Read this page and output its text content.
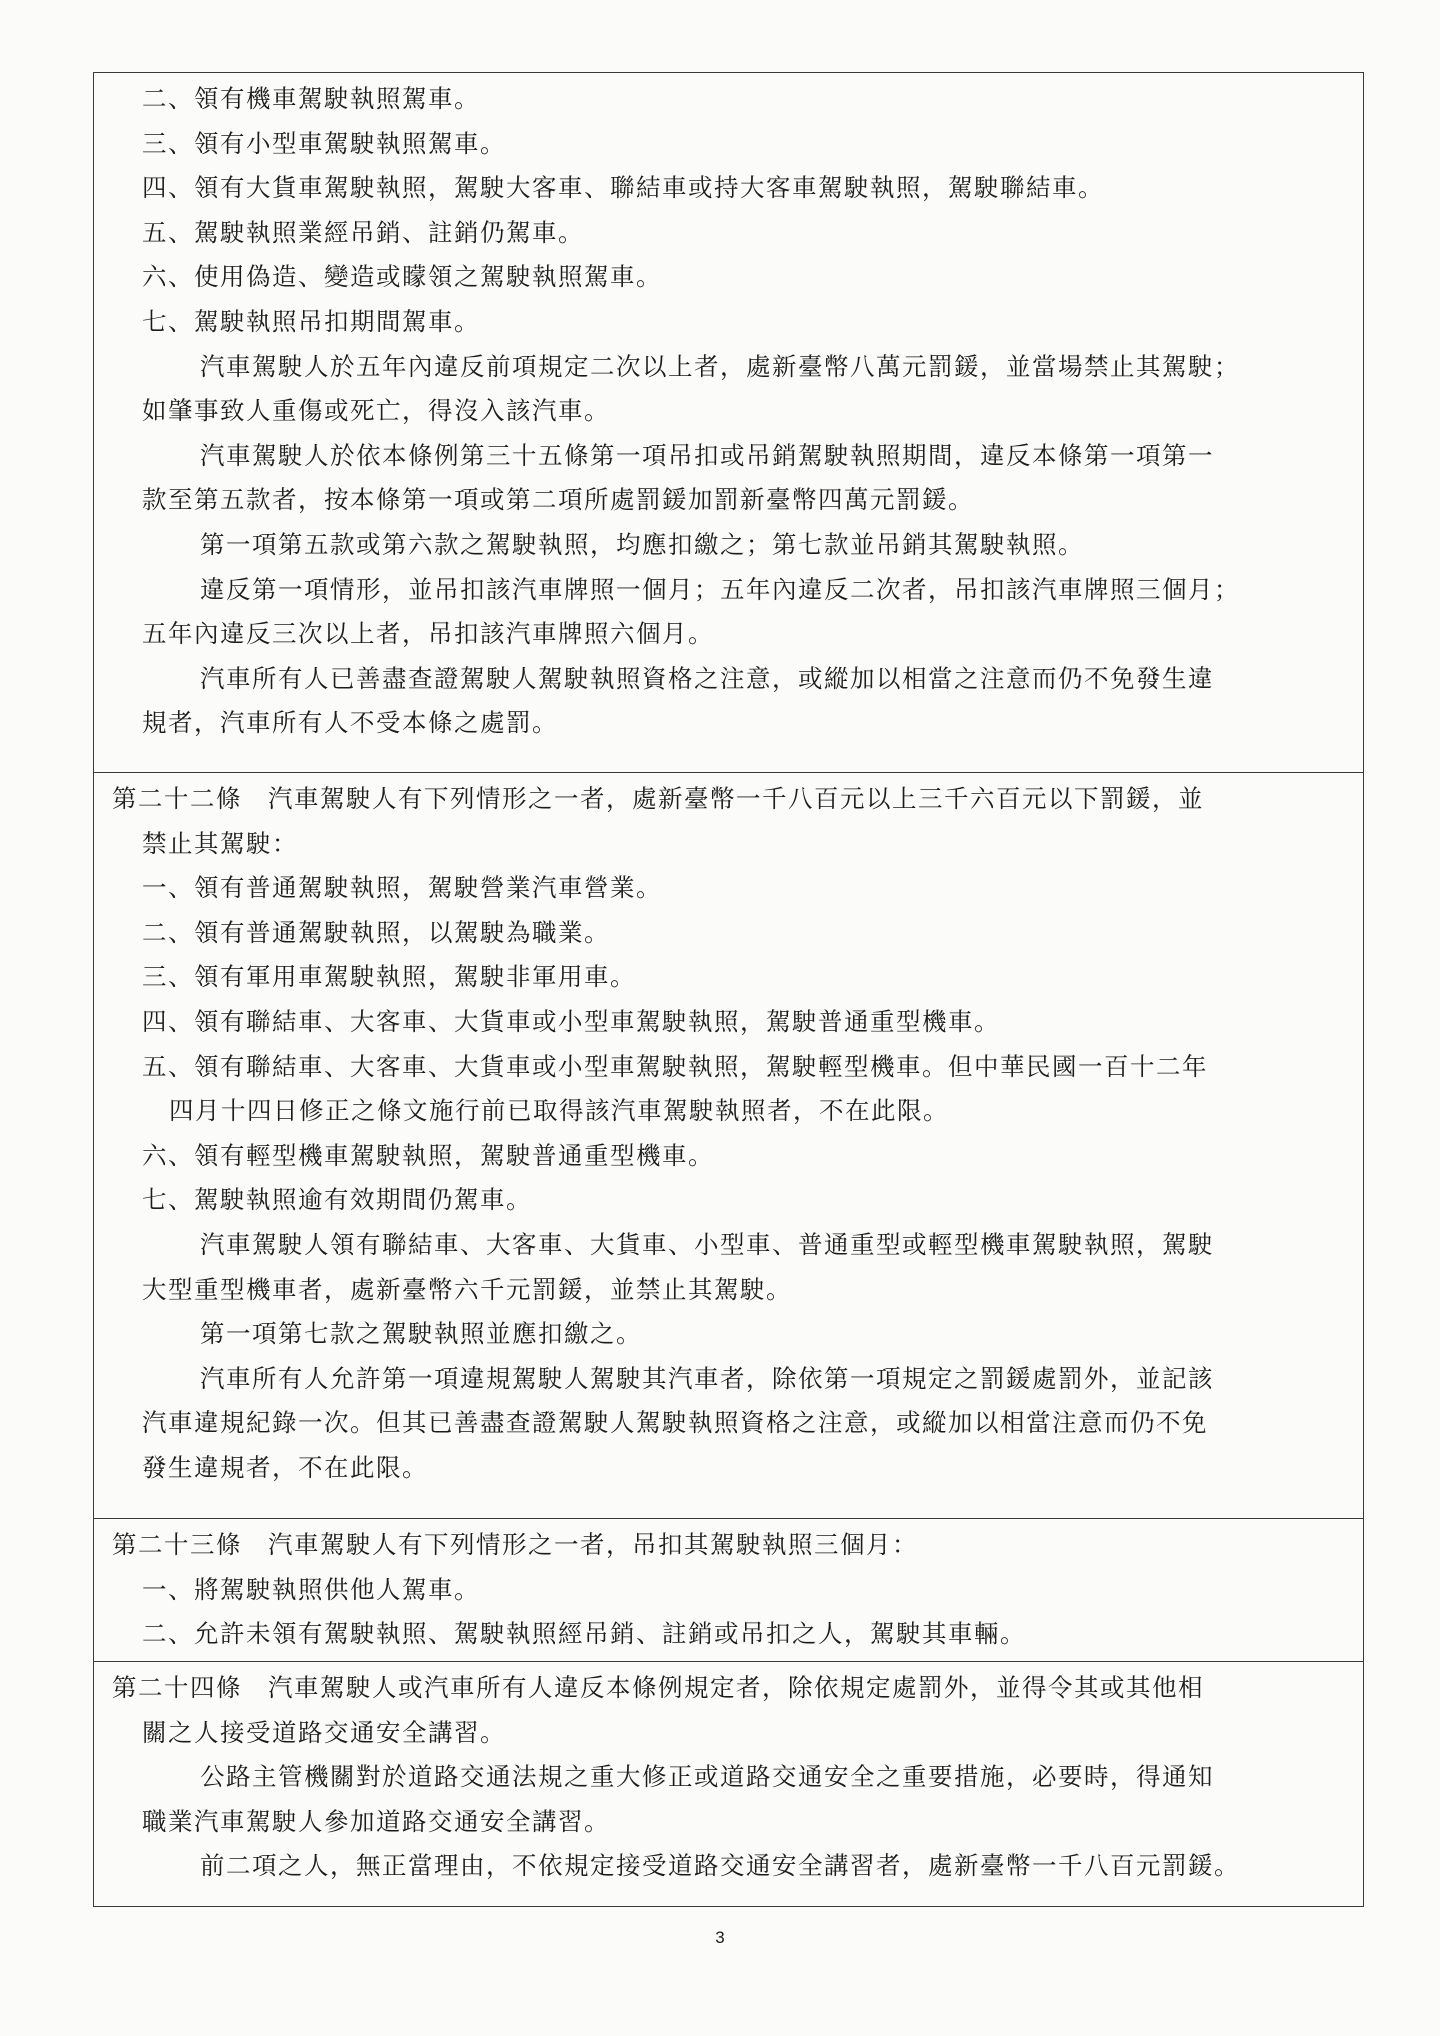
二、領有機車駕駛執照駕車。
三、領有小型車駕駛執照駕車。
四、領有大貨車駕駛執照，駕駛大客車、聯結車或持大客車駕駛執照，駕駛聯結車。
五、駕駛執照業經吊銷、註銷仍駕車。
六、使用偽造、變造或矇領之駕駛執照駕車。
七、駕駛執照吊扣期間駕車。
汽車駕駛人於五年內違反前項規定二次以上者，處新臺幣八萬元罰鍰，並當場禁止其駕駛；
如肇事致人重傷或死亡，得沒入該汽車。
汽車駕駛人於依本條例第三十五條第一項吊扣或吊銷駕駛執照期間，違反本條第一項第一
款至第五款者，按本條第一項或第二項所處罰鍰加罰新臺幣四萬元罰鍰。
第一項第五款或第六款之駕駛執照，均應扣繳之；第七款並吊銷其駕駛執照。
違反第一項情形，並吊扣該汽車牌照一個月；五年內違反二次者，吊扣該汽車牌照三個月；
五年內違反三次以上者，吊扣該汽車牌照六個月。
汽車所有人已善盡查證駕駛人駕駛執照資格之注意，或縱加以相當之注意而仍不免發生違
規者，汽車所有人不受本條之處罰。
第二十二條　汽車駕駛人有下列情形之一者，處新臺幣一千八百元以上三千六百元以下罰鍰，並
禁止其駕駛：
一、領有普通駕駛執照，駕駛營業汽車營業。
二、領有普通駕駛執照，以駕駛為職業。
三、領有軍用車駕駛執照，駕駛非軍用車。
四、領有聯結車、大客車、大貨車或小型車駕駛執照，駕駛普通重型機車。
五、領有聯結車、大客車、大貨車或小型車駕駛執照，駕駛輕型機車。但中華民國一百十二年
四月十四日修正之條文施行前已取得該汽車駕駛執照者，不在此限。
六、領有輕型機車駕駛執照，駕駛普通重型機車。
七、駕駛執照逾有效期間仍駕車。
汽車駕駛人領有聯結車、大客車、大貨車、小型車、普通重型或輕型機車駕駛執照，駕駛
大型重型機車者，處新臺幣六千元罰鍰，並禁止其駕駛。
第一項第七款之駕駛執照並應扣繳之。
汽車所有人允許第一項違規駕駛人駕駛其汽車者，除依第一項規定之罰鍰處罰外，並記該
汽車違規紀錄一次。但其已善盡查證駕駛人駕駛執照資格之注意，或縱加以相當注意而仍不免
發生違規者，不在此限。
第二十三條　汽車駕駛人有下列情形之一者，吊扣其駕駛執照三個月：
一、將駕駛執照供他人駕車。
二、允許未領有駕駛執照、駕駛執照經吊銷、註銷或吊扣之人，駕駛其車輛。
第二十四條　汽車駕駛人或汽車所有人違反本條例規定者，除依規定處罰外，並得令其或其他相
關之人接受道路交通安全講習。
公路主管機關對於道路交通法規之重大修正或道路交通安全之重要措施，必要時，得通知
職業汽車駕駛人參加道路交通安全講習。
前二項之人，無正當理由，不依規定接受道路交通安全講習者，處新臺幣一千八百元罰鍰。
3
